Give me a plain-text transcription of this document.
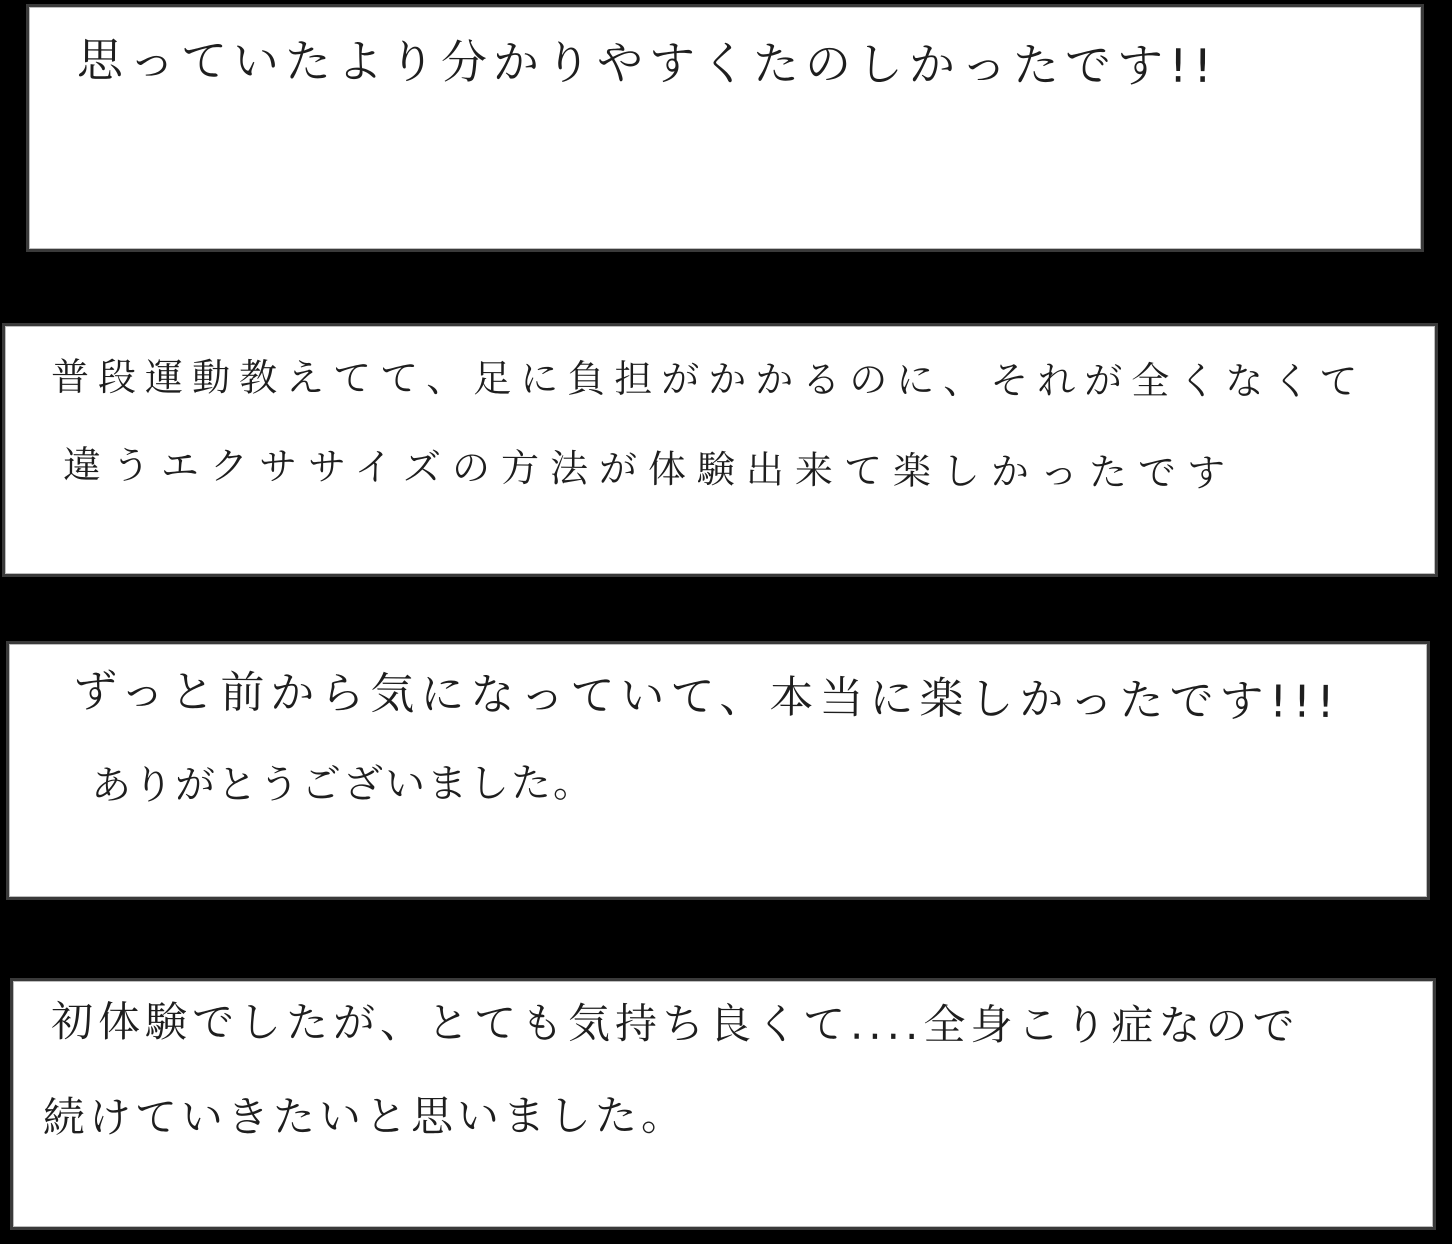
思っていたより分かりやすくたのしかったです!!
普段運動教えてて、足に負担がかかるのに、それが全くなくて
違うエクササイズの方法が体験出来て楽しかったです
ずっと前から気になっていて、本当に楽しかったです!!!
ありがとうございました。
初体験でしたが、とても気持ち良くて....全身こり症なので
続けていきたいと思いました。
